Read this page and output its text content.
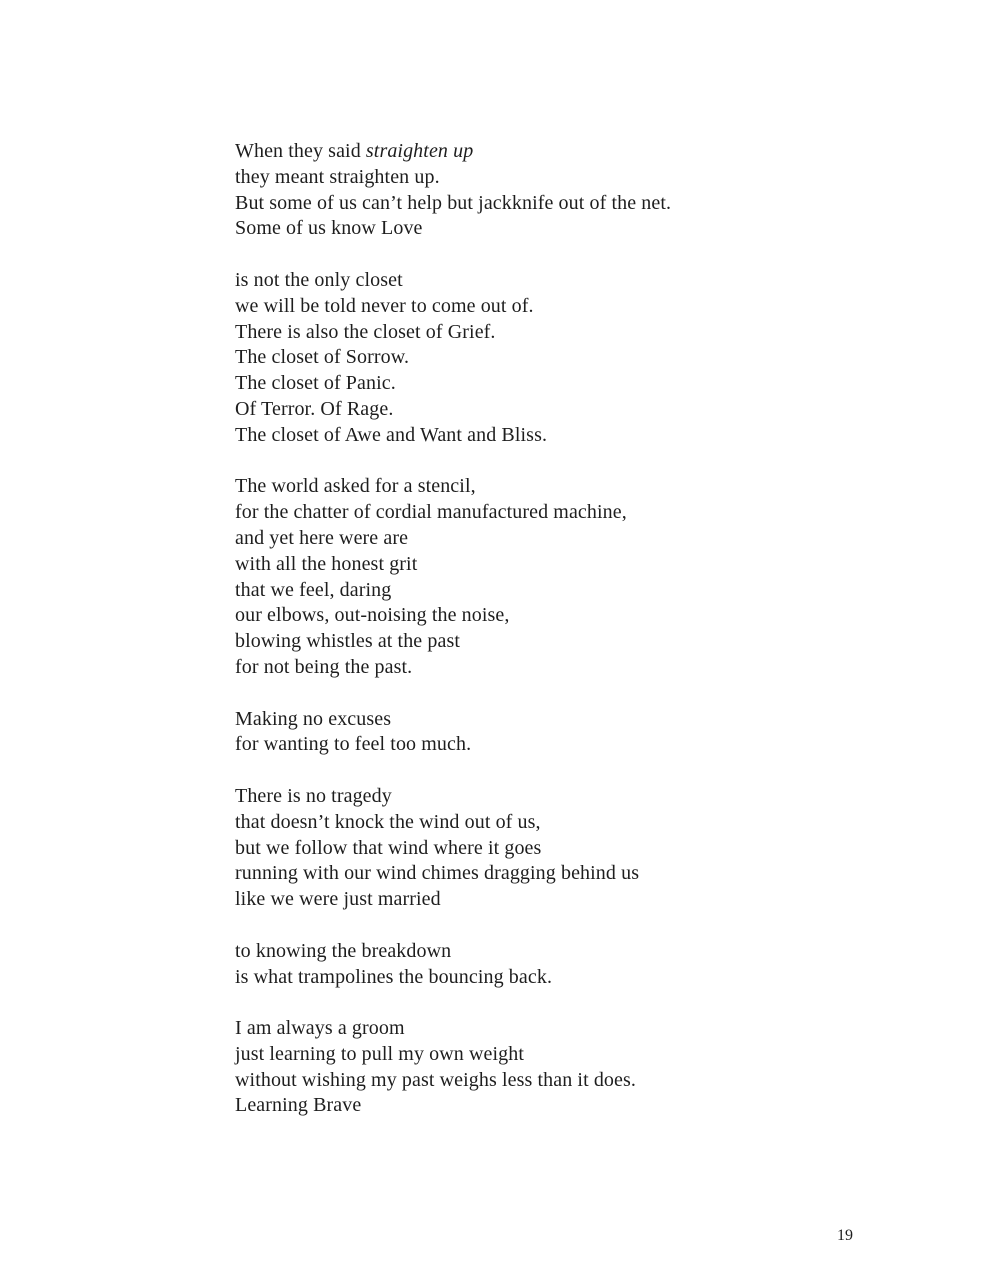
When they said straighten up
they meant straighten up.
But some of us can’t help but jackknife out of the net.
Some of us know Love
is not the only closet
we will be told never to come out of.
There is also the closet of Grief.
The closet of Sorrow.
The closet of Panic.
Of Terror. Of Rage.
The closet of Awe and Want and Bliss.
The world asked for a stencil,
for the chatter of cordial manufactured machine,
and yet here were are
with all the honest grit
that we feel, daring
our elbows, out-noising the noise,
blowing whistles at the past
for not being the past.
Making no excuses
for wanting to feel too much.
There is no tragedy
that doesn’t knock the wind out of us,
but we follow that wind where it goes
running with our wind chimes dragging behind us
like we were just married
to knowing the breakdown
is what trampolines the bouncing back.
I am always a groom
just learning to pull my own weight
without wishing my past weighs less than it does.
Learning Brave
19
